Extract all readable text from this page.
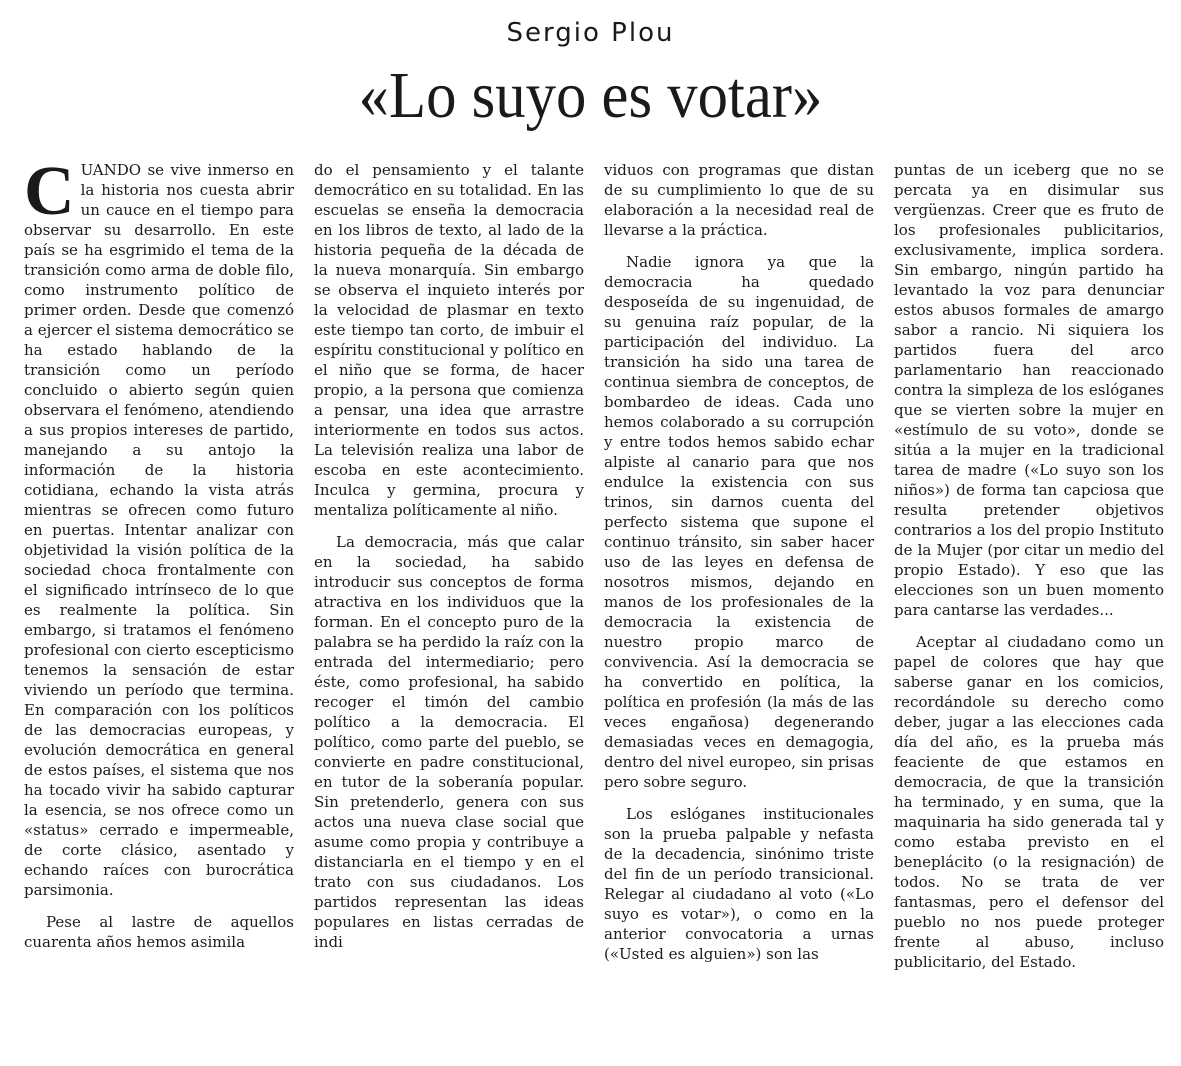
Sergio Plou
«Lo suyo es votar»

CUANDO se vive inmerso en la historia nos cuesta abrir un cauce en el tiempo para observar su desarrollo. En este país se ha esgrimido el tema de la transición como arma de doble filo, como instrumento político de primer orden. Desde que comenzó a ejercer el sistema democrático se ha estado hablando de la transición como un período concluido o abierto según quien observara el fenómeno, atendiendo a sus propios intereses de partido, manejando a su antojo la información de la historia cotidiana, echando la vista atrás mientras se ofrecen como futuro en puertas. Intentar analizar con objetividad la visión política de la sociedad choca frontalmente con el significado intrínseco de lo que es realmente la política. Sin embargo, si tratamos el fenómeno profesional con cierto escepticismo tenemos la sensación de estar viviendo un período que termina. En comparación con los políticos de las democracias europeas, y evolución democrática en general de estos países, el sistema que nos ha tocado vivir ha sabido capturar la esencia, se nos ofrece como un «status» cerrado e impermeable, de corte clásico, asentado y echando raíces con burocrática parsimonia.

Pese al lastre de aquellos cuarenta años hemos asimila

do el pensamiento y el talante democrático en su totalidad. En las escuelas se enseña la democracia en los libros de texto, al lado de la historia pequeña de la década de la nueva monarquía. Sin embargo se observa el inquieto interés por la velocidad de plasmar en texto este tiempo tan corto, de imbuir el espíritu constitucional y político en el niño que se forma, de hacer propio, a la persona que comienza a pensar, una idea que arrastre interiormente en todos sus actos. La televisión realiza una labor de escoba en este acontecimiento. Inculca y germina, procura y mentaliza políticamente al niño.

La democracia, más que calar en la sociedad, ha sabido introducir sus conceptos de forma atractiva en los individuos que la forman. En el concepto puro de la palabra se ha perdido la raíz con la entrada del intermediario; pero éste, como profesional, ha sabido recoger el timón del cambio político a la democracia. El político, como parte del pueblo, se convierte en padre constitucional, en tutor de la soberanía popular. Sin pretenderlo, genera con sus actos una nueva clase social que asume como propia y contribuye a distanciarla en el tiempo y en el trato con sus ciudadanos. Los partidos representan las ideas populares en listas cerradas de indi

viduos con programas que distan de su cumplimiento lo que de su elaboración a la necesidad real de llevarse a la práctica.

Nadie ignora ya que la democracia ha quedado desposeída de su ingenuidad, de su genuina raíz popular, de la participación del individuo. La transición ha sido una tarea de continua siembra de conceptos, de bombardeo de ideas. Cada uno hemos colaborado a su corrupción y entre todos hemos sabido echar alpiste al canario para que nos endulce la existencia con sus trinos, sin darnos cuenta del perfecto sistema que supone el continuo tránsito, sin saber hacer uso de las leyes en defensa de nosotros mismos, dejando en manos de los profesionales de la democracia la existencia de nuestro propio marco de convivencia. Así la democracia se ha convertido en política, la política en profesión (la más de las veces engañosa) degenerando demasiadas veces en demagogia, dentro del nivel europeo, sin prisas pero sobre seguro.

Los eslóganes institucionales son la prueba palpable y nefasta de la decadencia, sinónimo triste del fin de un período transicional. Relegar al ciudadano al voto («Lo suyo es votar»), o como en la anterior convocatoria a urnas («Usted es alguien») son las

puntas de un iceberg que no se percata ya en disimular sus vergüenzas. Creer que es fruto de los profesionales publicitarios, exclusivamente, implica sordera. Sin embargo, ningún partido ha levantado la voz para denunciar estos abusos formales de amargo sabor a rancio. Ni siquiera los partidos fuera del arco parlamentario han reaccionado contra la simpleza de los eslóganes que se vierten sobre la mujer en «estímulo de su voto», donde se sitúa a la mujer en la tradicional tarea de madre («Lo suyo son los niños») de forma tan capciosa que resulta pretender objetivos contrarios a los del propio Instituto de la Mujer (por citar un medio del propio Estado). Y eso que las elecciones son un buen momento para cantarse las verdades...

Aceptar al ciudadano como un papel de colores que hay que saberse ganar en los comicios, recordándole su derecho como deber, jugar a las elecciones cada día del año, es la prueba más feaciente de que estamos en democracia, de que la transición ha terminado, y en suma, que la maquinaria ha sido generada tal y como estaba previsto en el beneplácito (o la resignación) de todos. No se trata de ver fantasmas, pero el defensor del pueblo no nos puede proteger frente al abuso, incluso publicitario, del Estado.
